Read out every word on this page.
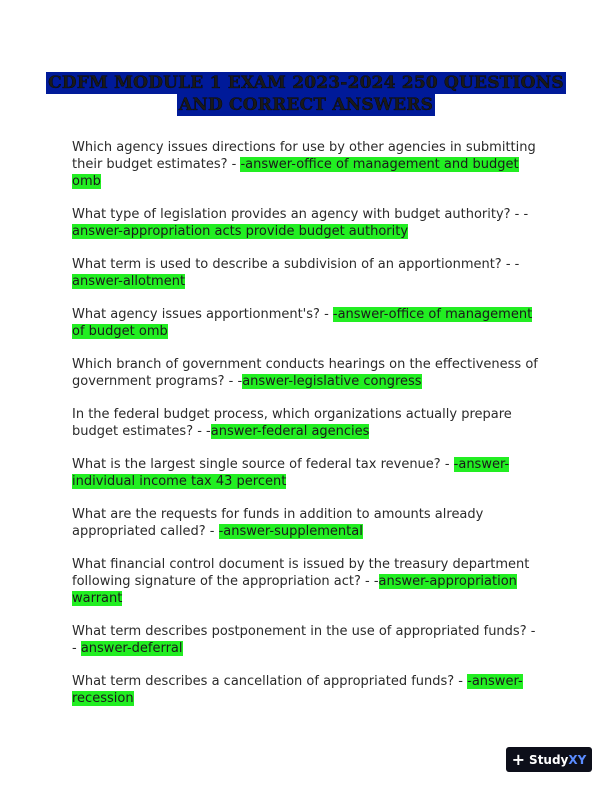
CDFM MODULE 1 EXAM 2023-2024 250 QUESTIONS
AND CORRECT ANSWERS
Which agency issues directions for use by other agencies in submitting their budget estimates? - -answer-office of management and budget omb
What type of legislation provides an agency with budget authority? - - answer-appropriation acts provide budget authority
What term is used to describe a subdivision of an apportionment? - - answer-allotment
What agency issues apportionment's? - -answer-office of management of budget omb
Which branch of government conducts hearings on the effectiveness of government programs? - -answer-legislative congress
In the federal budget process, which organizations actually prepare budget estimates? - -answer-federal agencies
What is the largest single source of federal tax revenue? - -answer-individual income tax 43 percent
What are the requests for funds in addition to amounts already appropriated called? - -answer-supplemental
What financial control document is issued by the treasury department following signature of the appropriation act? - -answer-appropriation warrant
What term describes postponement in the use of appropriated funds? - - answer-deferral
What term describes a cancellation of appropriated funds? - -answer-recession
+ Study XY
